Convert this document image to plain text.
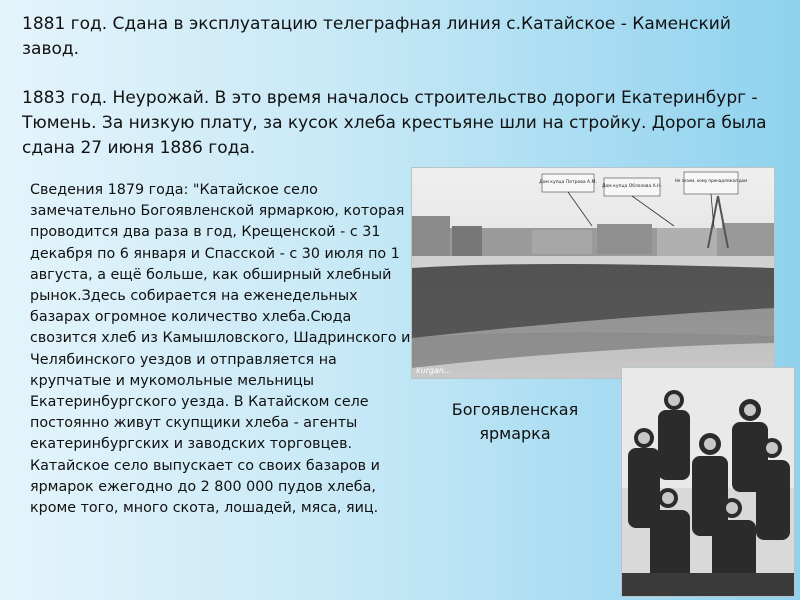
1881 год. Сдана в эксплуатацию телеграфная линия с.Катайское - Каменский завод.

1883 год. Неурожай. В это время началось строительство дороги Екатеринбург - Тюмень. За низкую плату, за кусок хлеба крестьяне шли на стройку. Дорога была сдана 27 июня 1886 года.

Сведения 1879 года: "Катайское село замечательно Богоявленской ярмаркою, которая проводится два раза в год, Крещенской - с 31 декабря по 6 января и Спасской - с 30 июля по 1 августа, а ещё больше, как обширный хлебный рынок.Здесь собирается на еженедельных базарах огромное количество хлеба.Сюда свозится хлеб из Камышловского, Шадринского и Челябинского уездов и отправляется на крупчатые и мукомольные мельницы Екатеринбургского уезда. В Катайском селе постоянно живут скупщики хлеба - агенты екатеринбургских и заводских торговцев. Катайское село выпускает со своих базаров и ярмарок ежегодно до 2 800 000 пудов хлеба, кроме того, много скота, лошадей, мяса, яиц.

Дом купца Петрова А.М.
Дом купца Облазова А.Н.
Не знаем, кому принадлежал дом
kurgan…
Богоявленская ярмарка
